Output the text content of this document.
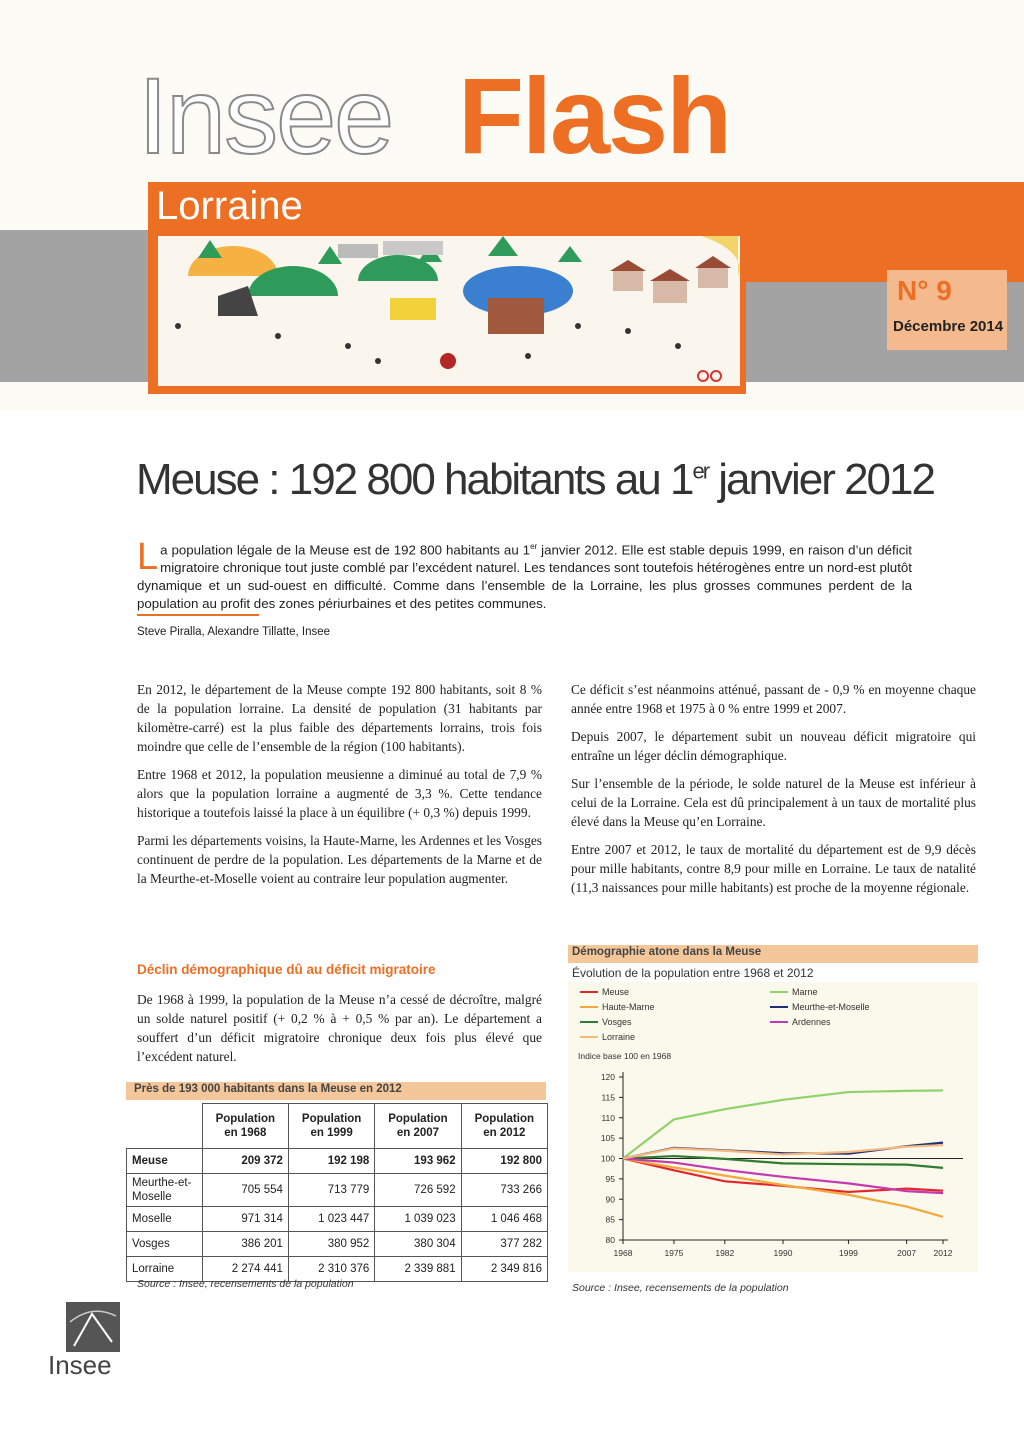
Insee Flash
Lorraine
N° 9
Décembre 2014
Meuse : 192 800 habitants au 1er janvier 2012
La population légale de la Meuse est de 192 800 habitants au 1er janvier 2012. Elle est stable depuis 1999, en raison d’un déficit migratoire chronique tout juste comblé par l’excédent naturel. Les tendances sont toutefois hétérogènes entre un nord-est plutôt dynamique et un sud-ouest en difficulté. Comme dans l’ensemble de la Lorraine, les plus grosses communes perdent de la population au profit des zones périurbaines et des petites communes.
Steve Piralla, Alexandre Tillatte, Insee

En 2012, le département de la Meuse compte 192 800 habitants, soit 8 % de la population lorraine. La densité de population (31 habitants par kilomètre-carré) est la plus faible des départements lorrains, trois fois moindre que celle de l’ensemble de la région (100 habitants).

Entre 1968 et 2012, la population meusienne a diminué au total de 7,9 % alors que la population lorraine a augmenté de 3,3 %. Cette tendance historique a toutefois laissé la place à un équilibre (+ 0,3 %) depuis 1999.

Parmi les départements voisins, la Haute-Marne, les Ardennes et les Vosges continuent de perdre de la population. Les départements de la Marne et de la Meurthe-et-Moselle voient au contraire leur population augmenter.

Déclin démographique dû au déficit migratoire
De 1968 à 1999, la population de la Meuse n’a cessé de décroître, malgré un solde naturel positif (+ 0,2 % à + 0,5 % par an). Le département a souffert d’un déficit migratoire chronique deux fois plus élevé que l’excédent naturel.
Près de 193 000 habitants dans la Meuse en 2012
	Population en 1968	Population en 1999	Population en 2007	Population en 2012
Meuse	209 372	192 198	193 962	192 800
Meurthe-et-Moselle	705 554	713 779	726 592	733 266
Moselle	971 314	1 023 447	1 039 023	1 046 468
Vosges	386 201	380 952	380 304	377 282
Lorraine	2 274 441	2 310 376	2 339 881	2 349 816
Source : Insee, recensements de la population

Ce déficit s’est néanmoins atténué, passant de - 0,9 % en moyenne chaque année entre 1968 et 1975 à 0 % entre 1999 et 2007.

Depuis 2007, le département subit un nouveau déficit migratoire qui entraîne un léger déclin démographique.

Sur l’ensemble de la période, le solde naturel de la Meuse est inférieur à celui de la Lorraine. Cela est dû principalement à un taux de mortalité plus élevé dans la Meuse qu’en Lorraine.

Entre 2007 et 2012, le taux de mortalité du département est de 9,9 décès pour mille habitants, contre 8,9 pour mille en Lorraine. Le taux de natalité (11,3 naissances pour mille habitants) est proche de la moyenne régionale.

Démographie atone dans la Meuse
Évolution de la population entre 1968 et 2012
Meuse	Marne
Haute-Marne	Meurthe-et-Moselle
Vosges	Ardennes
Lorraine
Indice base 100 en 1968
80
85
90
95
100
105
110
115
120
1968	1975	1982	1990	1999	2007 2012
Source : Insee, recensements de la population
Insee
